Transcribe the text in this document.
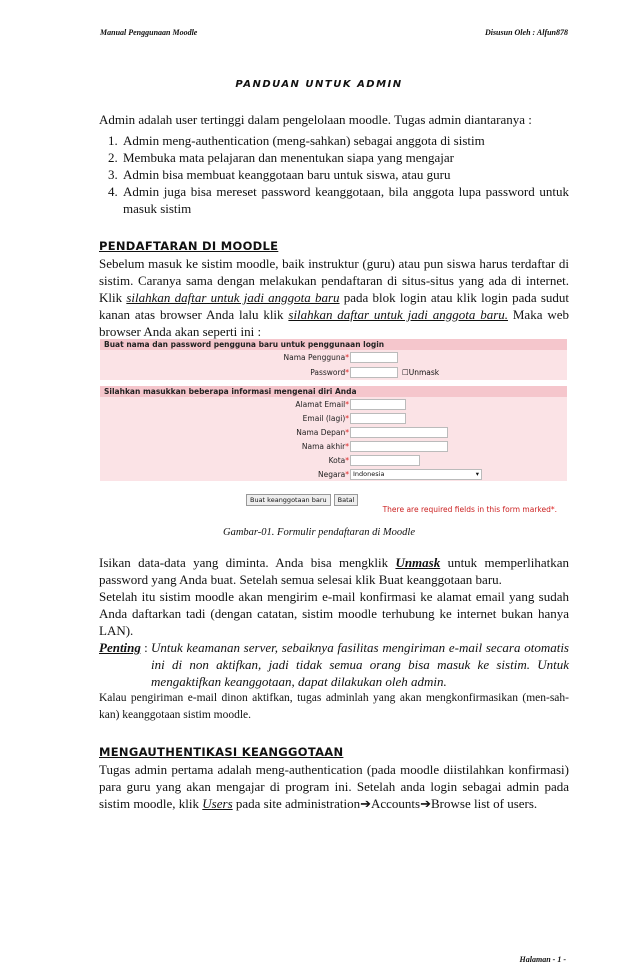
Manual Penggunaan Moodle	Disusun Oleh : Alfun878
PANDUAN UNTUK ADMIN

Admin adalah user tertinggi dalam pengelolaan moodle. Tugas admin diantaranya :

1. Admin meng-authentication (meng-sahkan) sebagai anggota di sistim
2. Membuka mata pelajaran dan menentukan siapa yang mengajar
3. Admin bisa membuat keanggotaan baru untuk siswa, atau guru
4. Admin juga bisa mereset password keanggotaan, bila anggota lupa password untuk masuk sistim
PENDAFTARAN DI MOODLE

Sebelum masuk ke sistim moodle, baik instruktur (guru) atau pun siswa harus terdaftar di sistim. Caranya sama dengan melakukan pendaftaran di situs-situs yang ada di internet. Klik silahkan daftar untuk jadi anggota baru pada blok login atau klik login pada sudut kanan atas browser Anda lalu klik silahkan daftar untuk jadi anggota baru. Maka web browser Anda akan seperti ini :

Buat nama dan password pengguna baru untuk penggunaan login
Nama Pengguna*
Password*	☐Unmask
Silahkan masukkan beberapa informasi mengenai diri Anda
Alamat Email*
Email (lagi)*
Nama Depan*
Nama akhir*
Kota*
Negara* Indonesia	▾
Buat keanggotaan baru Batal
There are required fields in this form marked*.
Gambar-01. Formulir pendaftaran di Moodle

Isikan data-data yang diminta. Anda bisa mengklik Unmask untuk memperlihatkan password yang Anda buat. Setelah semua selesai klik Buat keanggotaan baru.

Setelah itu sistim moodle akan mengirim e-mail konfirmasi ke alamat email yang sudah Anda daftarkan tadi (dengan catatan, sistim moodle terhubung ke internet bukan hanya LAN).

Penting : Untuk keamanan server, sebaiknya fasilitas mengiriman e-mail secara otomatis ini di non aktifkan, jadi tidak semua orang bisa masuk ke sistim. Untuk mengaktifkan keanggotaan, dapat dilakukan oleh admin.

Kalau pengiriman e-mail dinon aktifkan, tugas adminlah yang akan mengkonfirmasikan (men-sah-kan) keanggotaan sistim moodle.

MENGAUTHENTIKASI KEANGGOTAAN

Tugas admin pertama adalah meng-authentication (pada moodle diistilahkan konfirmasi) para guru yang akan mengajar di program ini. Setelah anda login sebagai admin pada sistim moodle, klik Users pada site administration➔Accounts➔Browse list of users.

Halaman - 1 -
